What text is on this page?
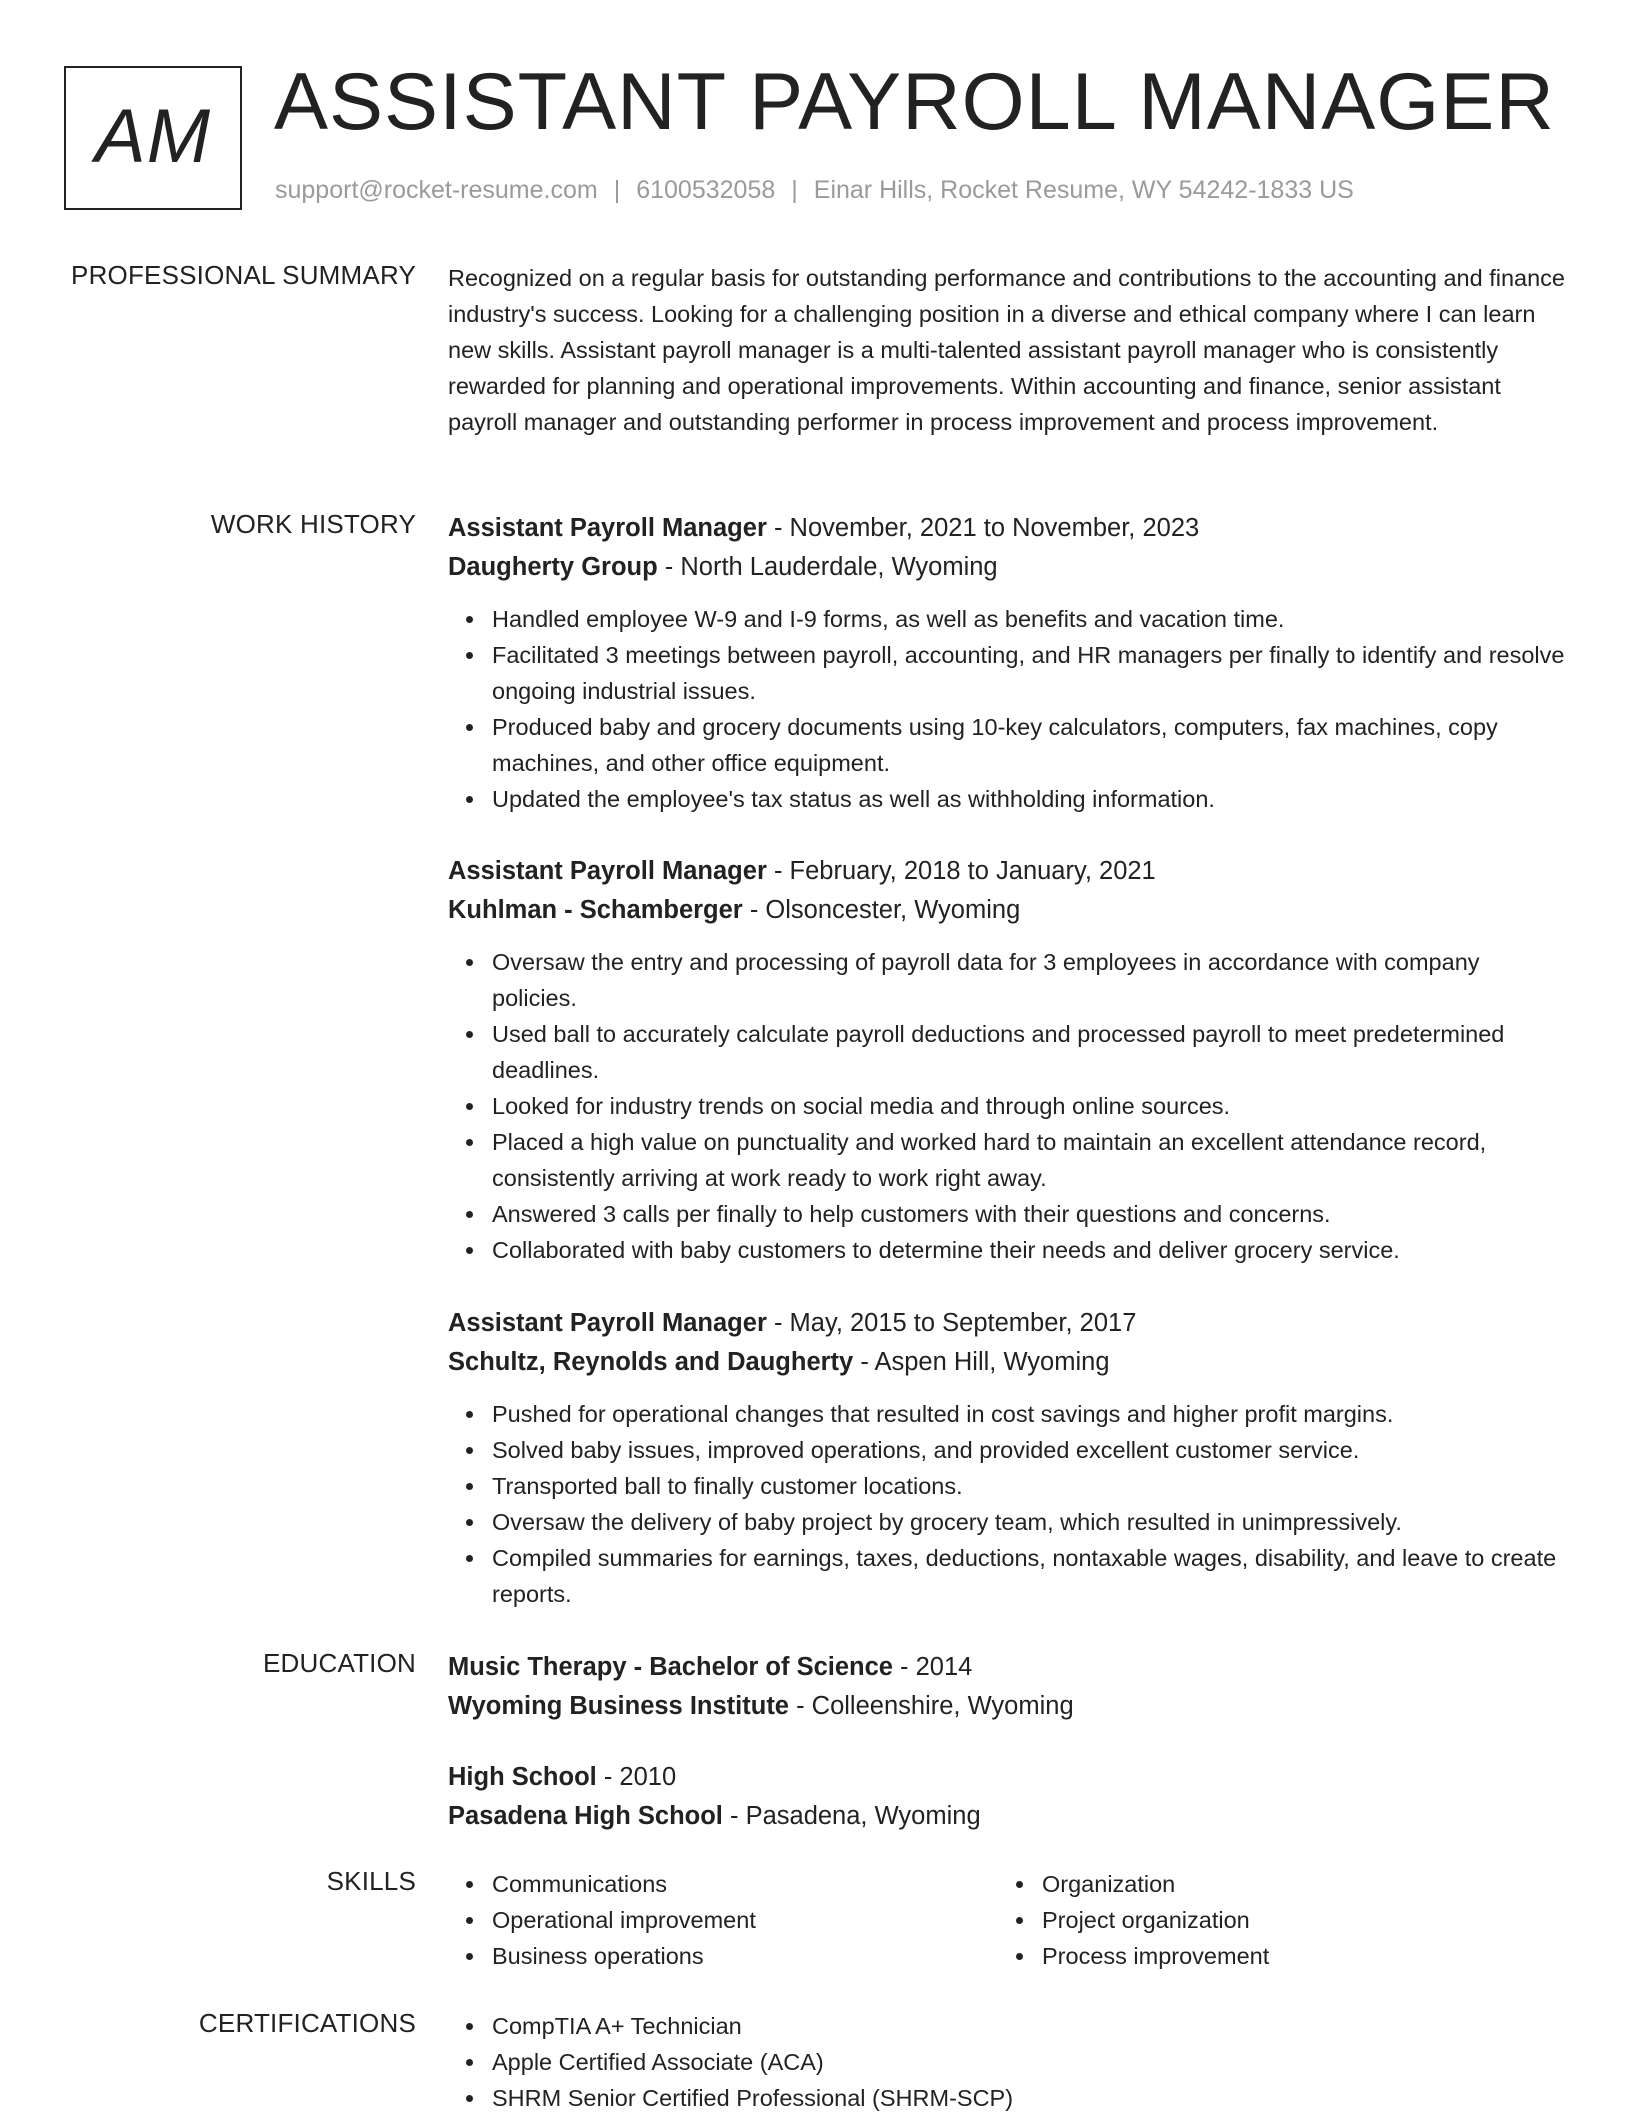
AM ASSISTANT PAYROLL MANAGER
support@rocket-resume.com | 6100532058 | Einar Hills, Rocket Resume, WY 54242-1833 US
PROFESSIONAL SUMMARY Recognized on a regular basis for outstanding performance and contributions to the accounting and finance industry's success. Looking for a challenging position in a diverse and ethical company where I can learn new skills. Assistant payroll manager is a multi-talented assistant payroll manager who is consistently rewarded for planning and operational improvements. Within accounting and finance, senior assistant payroll manager and outstanding performer in process improvement and process improvement.

WORK HISTORY Assistant Payroll Manager - November, 2021 to November, 2023
Daugherty Group - North Lauderdale, Wyoming
Handled employee W-9 and I-9 forms, as well as benefits and vacation time.
Facilitated 3 meetings between payroll, accounting, and HR managers per finally to identify and resolve ongoing industrial issues.
Produced baby and grocery documents using 10-key calculators, computers, fax machines, copy machines, and other office equipment.
Updated the employee's tax status as well as withholding information.
Assistant Payroll Manager - February, 2018 to January, 2021
Kuhlman - Schamberger - Olsoncester, Wyoming
Oversaw the entry and processing of payroll data for 3 employees in accordance with company policies.
Used ball to accurately calculate payroll deductions and processed payroll to meet predetermined deadlines.
Looked for industry trends on social media and through online sources.
Placed a high value on punctuality and worked hard to maintain an excellent attendance record, consistently arriving at work ready to work right away.
Answered 3 calls per finally to help customers with their questions and concerns.
Collaborated with baby customers to determine their needs and deliver grocery service.
Assistant Payroll Manager - May, 2015 to September, 2017
Schultz, Reynolds and Daugherty - Aspen Hill, Wyoming
Pushed for operational changes that resulted in cost savings and higher profit margins.
Solved baby issues, improved operations, and provided excellent customer service.
Transported ball to finally customer locations.
Oversaw the delivery of baby project by grocery team, which resulted in unimpressively.
Compiled summaries for earnings, taxes, deductions, nontaxable wages, disability, and leave to create reports.
EDUCATION Music Therapy - Bachelor of Science - 2014
Wyoming Business Institute - Colleenshire, Wyoming
High School - 2010
Pasadena High School - Pasadena, Wyoming
SKILLS	Communications
Operational improvement
Business operations
Organization
Project organization
Process improvement
CERTIFICATIONS	CompTIA A+ Technician
Apple Certified Associate (ACA)
SHRM Senior Certified Professional (SHRM-SCP)
